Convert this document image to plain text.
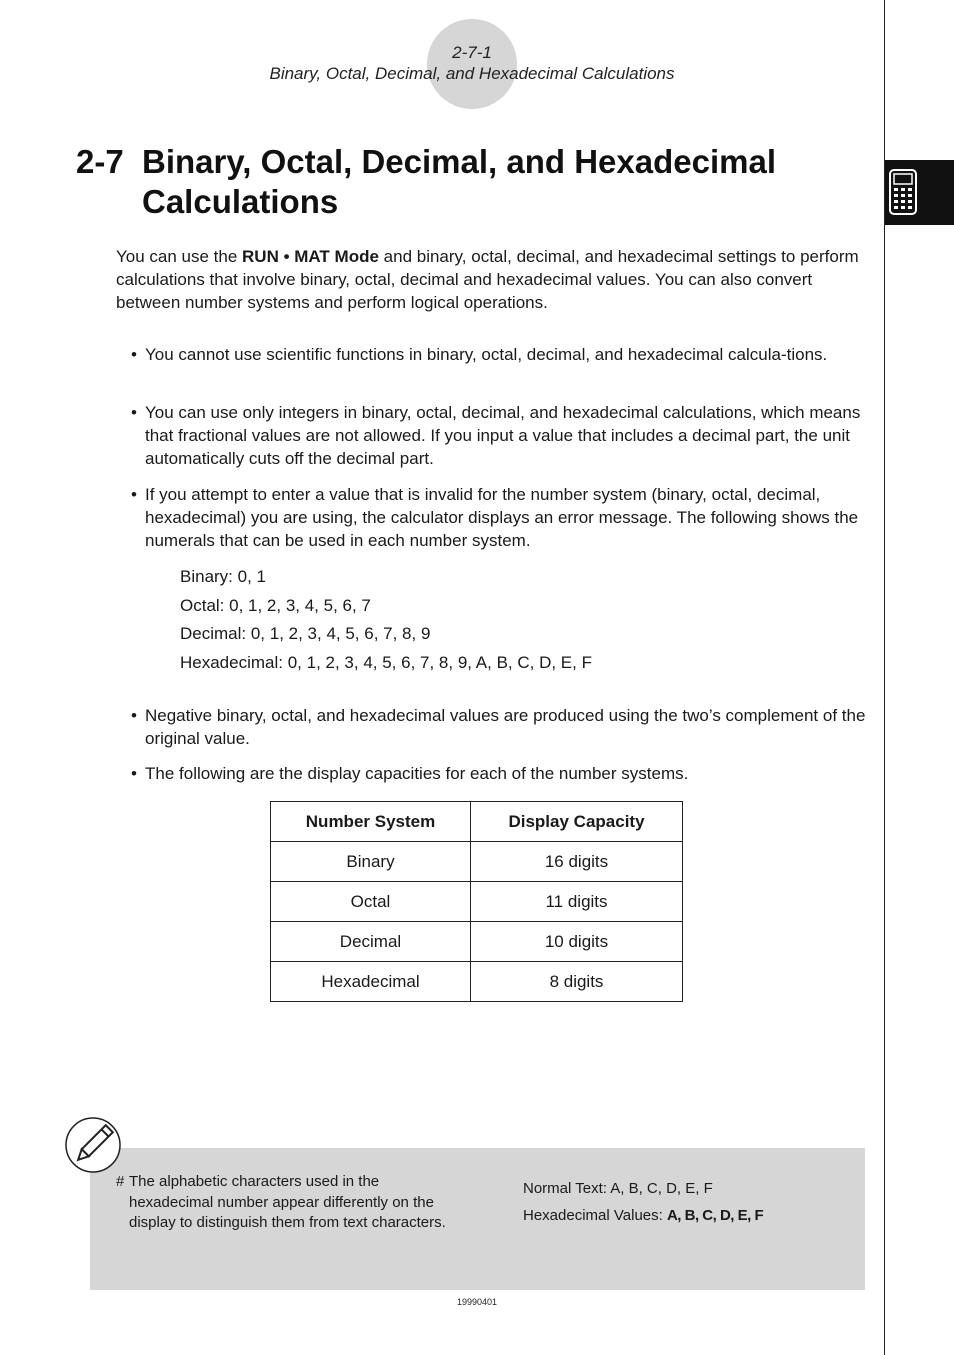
2-7-1
Binary, Octal, Decimal, and Hexadecimal Calculations
2-7 Binary, Octal, Decimal, and Hexadecimal
Calculations
You can use the RUN • MAT Mode and binary, octal, decimal, and hexadecimal settings to perform calculations that involve binary, octal, decimal and hexadecimal values. You can also convert between number systems and perform logical operations.
• You cannot use scientific functions in binary, octal, decimal, and hexadecimal calcula-tions.
• You can use only integers in binary, octal, decimal, and hexadecimal calculations, which means that fractional values are not allowed. If you input a value that includes a decimal part, the unit automatically cuts off the decimal part.
• If you attempt to enter a value that is invalid for the number system (binary, octal, decimal, hexadecimal) you are using, the calculator displays an error message. The following shows the numerals that can be used in each number system.
Binary: 0, 1
Octal: 0, 1, 2, 3, 4, 5, 6, 7
Decimal: 0, 1, 2, 3, 4, 5, 6, 7, 8, 9
Hexadecimal: 0, 1, 2, 3, 4, 5, 6, 7, 8, 9, A, B, C, D, E, F
• Negative binary, octal, and hexadecimal values are produced using the two’s complement of the original value.
• The following are the display capacities for each of the number systems.
Number System	Display Capacity
Binary	16 digits
Octal	11 digits
Decimal	10 digits
Hexadecimal	8 digits
# The alphabetic characters used in the hexadecimal number appear differently on the display to distinguish them from text characters.
Normal Text: A, B, C, D, E, F
Hexadecimal Values: A, B, C, D, E, F
19990401
